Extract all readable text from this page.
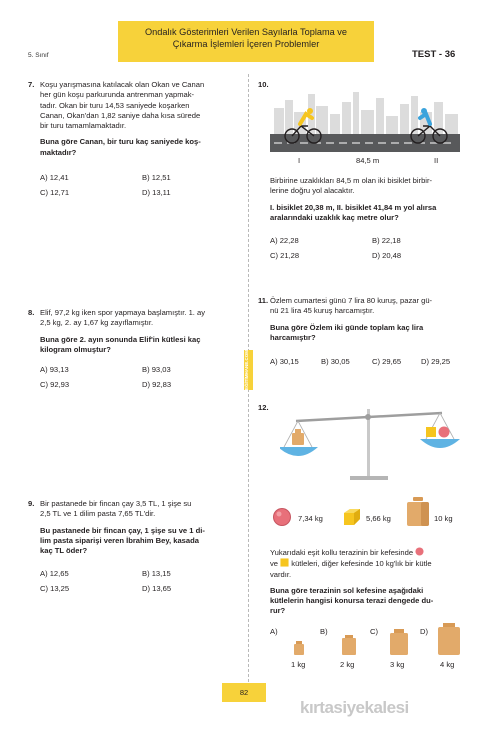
5. Sınıf
Ondalık Gösterimleri Verilen Sayılarla Toplama ve
Çıkarma İşlemleri İçeren Problemler
TEST - 36
EĞİTİMHANE.COM
7. Koşu yarışmasına katılacak olan Okan ve Canan
her gün koşu parkurunda antrenman yapmak-
tadır. Okan bir turu 14,53 saniyede koşarken
Canan, Okan'dan 1,82 saniye daha kısa sürede
bir turu tamamlamaktadır.
Buna göre Canan, bir turu kaç saniyede koş-
maktadır?
A) 12,41	B) 12,51
C) 12,71	D) 13,11
8. Elif, 97,2 kg iken spor yapmaya başlamıştır. 1. ay
2,5 kg, 2. ay 1,67 kg zayıflamıştır.
Buna göre 2. ayın sonunda Elif'in kütlesi kaç
kilogram olmuştur?
A) 93,13	B) 93,03
C) 92,93	D) 92,83
9. Bir pastanede bir fincan çay 3,5 TL, 1 şişe su
2,5 TL ve 1 dilim pasta 7,65 TL'dir.
Bu pastanede bir fincan çay, 1 şişe su ve 1 di-
lim pasta siparişi veren İbrahim Bey, kasada
kaç TL öder?
A) 12,65	B) 13,15
C) 13,25	D) 13,65
10.
I	84,5 m	II
Birbirine uzaklıkları 84,5 m olan iki bisiklet birbir-
lerine doğru yol alacaktır.
I. bisiklet 20,38 m, II. bisiklet 41,84 m yol alırsa
aralarındaki uzaklık kaç metre olur?
A) 22,28	B) 22,18
C) 21,28	D) 20,48
11. Özlem cumartesi günü 7 lira 80 kuruş, pazar gü-
nü 21 lira 45 kuruş harcamıştır.
Buna göre Özlem iki günde toplam kaç lira
harcamıştır?
A) 30,15	B) 30,05	C) 29,65	D) 29,25
12.
7,34 kg	5,66 kg	10 kg
Yukarıdaki eşit kollu terazinin bir kefesinde
ve kütleleri, diğer kefesinde 10 kg'lık bir kütle
vardır.
Buna göre terazinin sol kefesine aşağıdaki
kütlelerin hangisi konursa terazi dengede du-
rur?
A)	B)	C)	D)
1 kg	2 kg	3 kg	4 kg
82
kırtasiyekalesi
